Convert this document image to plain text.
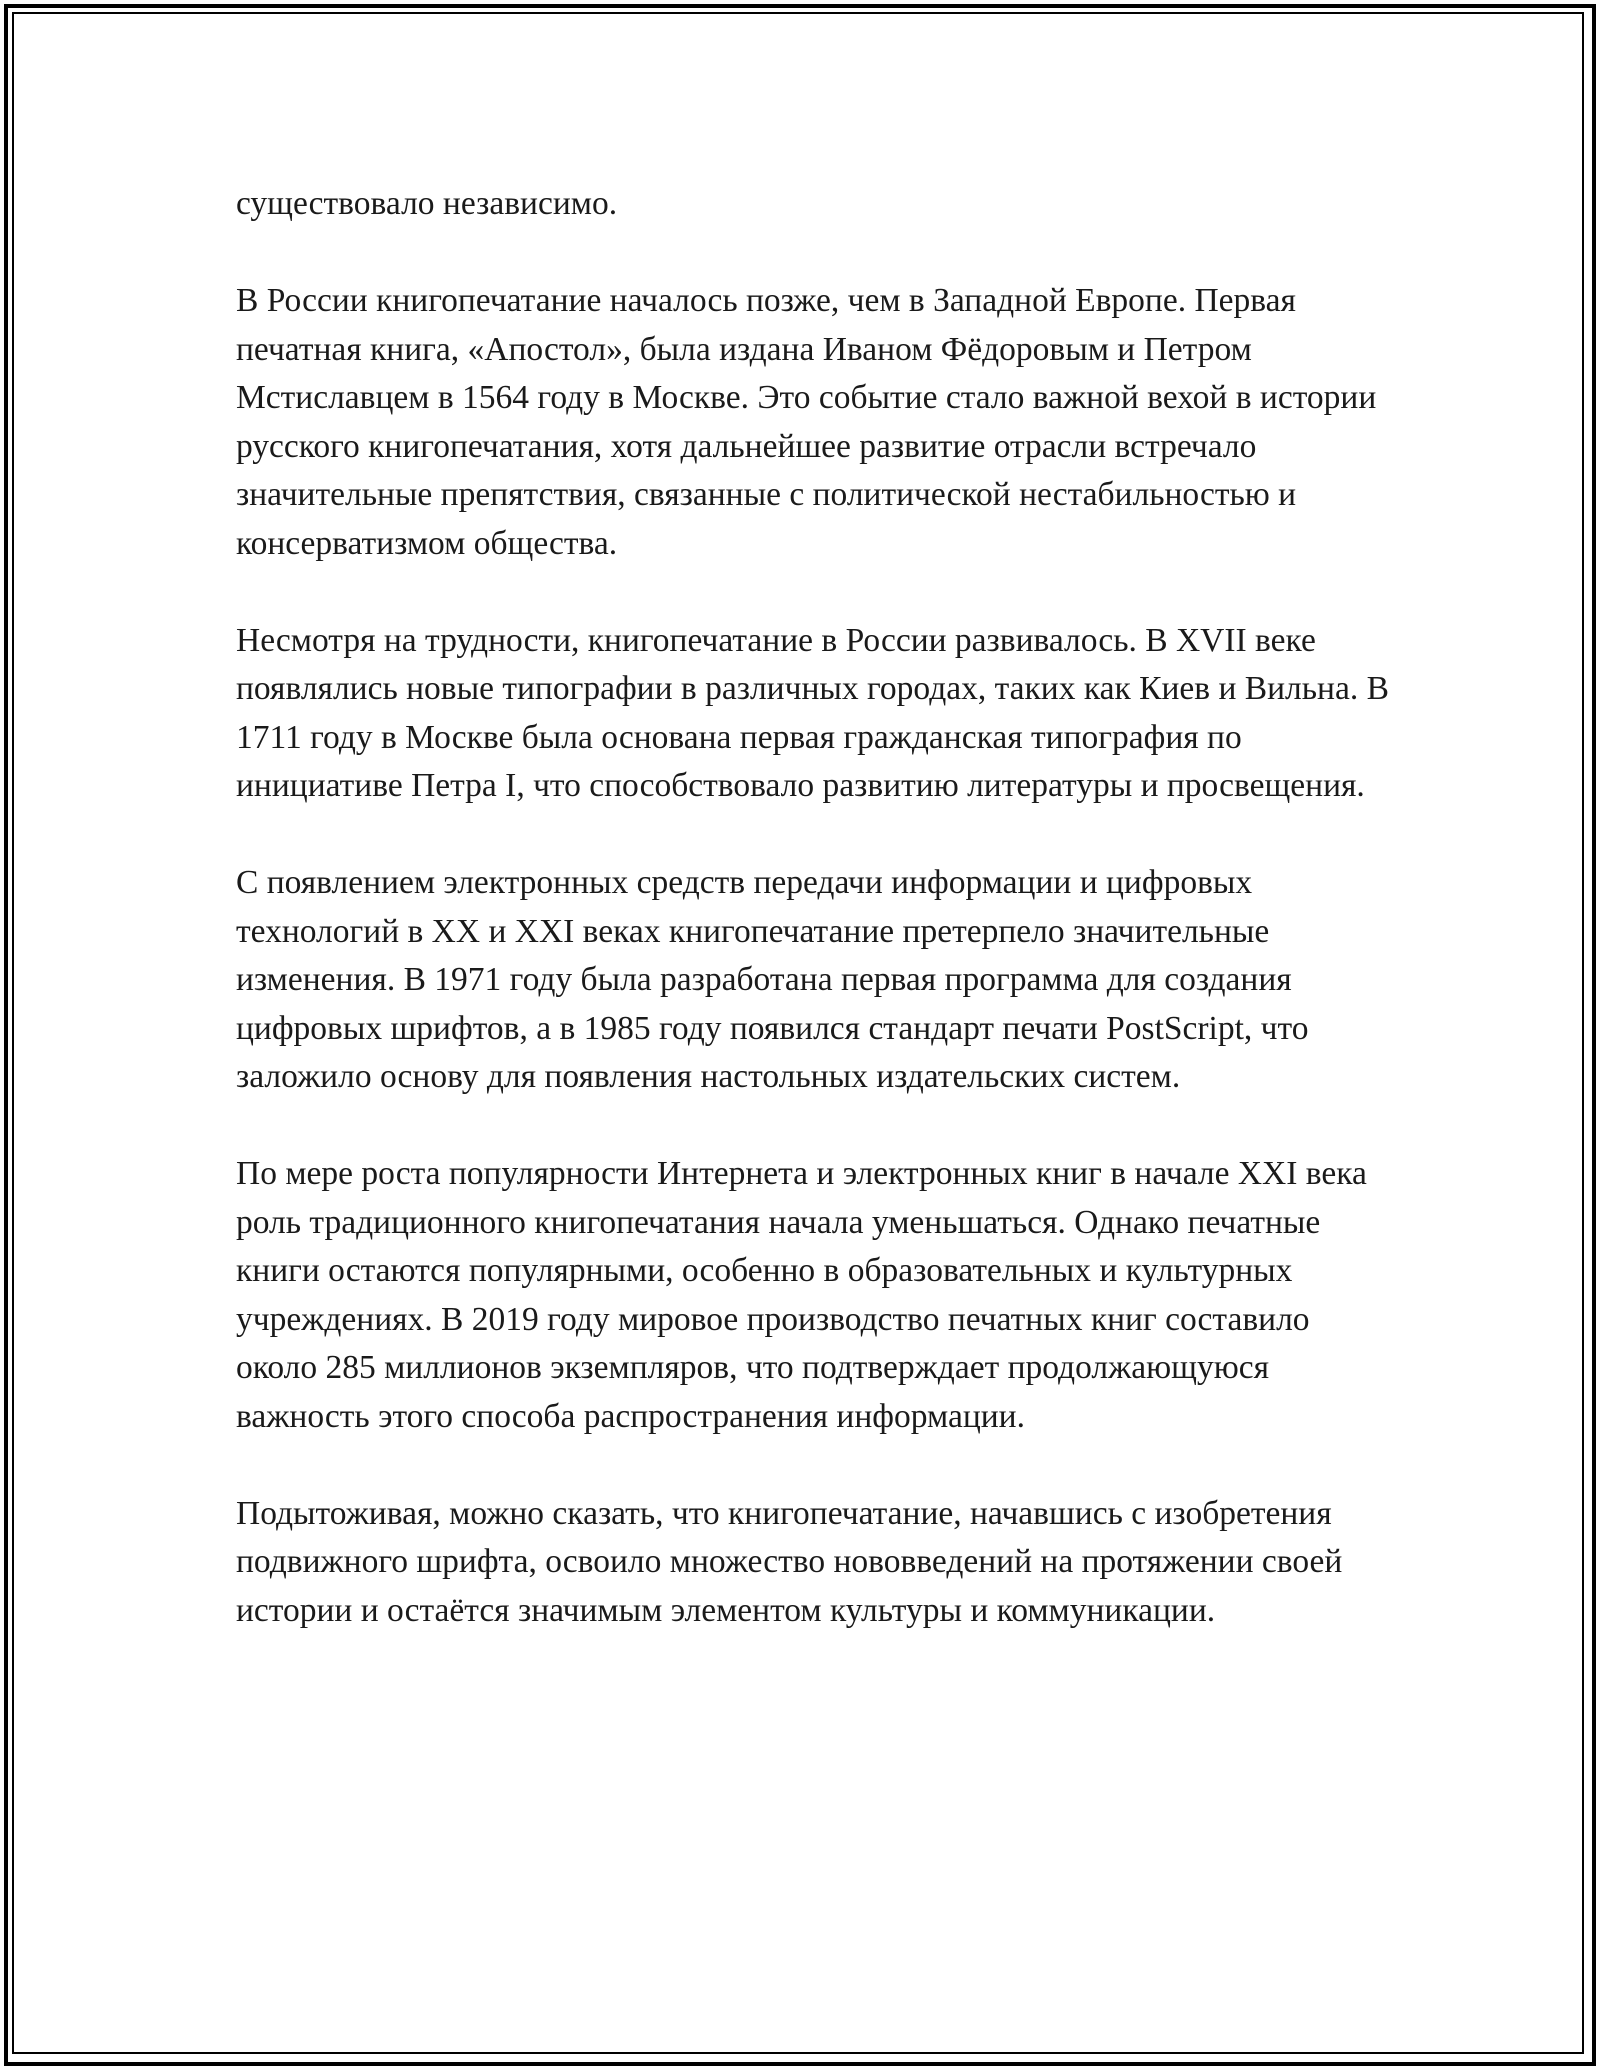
существовало независимо.

В России книгопечатание началось позже, чем в Западной Европе. Первая печатная книга, «Апостол», была издана Иваном Фёдоровым и Петром Мстиславцем в 1564 году в Москве. Это событие стало важной вехой в истории русского книгопечатания, хотя дальнейшее развитие отрасли встречало значительные препятствия, связанные с политической нестабильностью и консерватизмом общества.

Несмотря на трудности, книгопечатание в России развивалось. В XVII веке появлялись новые типографии в различных городах, таких как Киев и Вильна. В 1711 году в Москве была основана первая гражданская типография по инициативе Петра I, что способствовало развитию литературы и просвещения.

С появлением электронных средств передачи информации и цифровых технологий в XX и XXI веках книгопечатание претерпело значительные изменения. В 1971 году была разработана первая программа для создания цифровых шрифтов, а в 1985 году появился стандарт печати PostScript, что заложило основу для появления настольных издательских систем.

По мере роста популярности Интернета и электронных книг в начале XXI века роль традиционного книгопечатания начала уменьшаться. Однако печатные книги остаются популярными, особенно в образовательных и культурных учреждениях. В 2019 году мировое производство печатных книг составило около 285 миллионов экземпляров, что подтверждает продолжающуюся важность этого способа распространения информации.

Подытоживая, можно сказать, что книгопечатание, начавшись с изобретения подвижного шрифта, освоило множество нововведений на протяжении своей истории и остаётся значимым элементом культуры и коммуникации.
